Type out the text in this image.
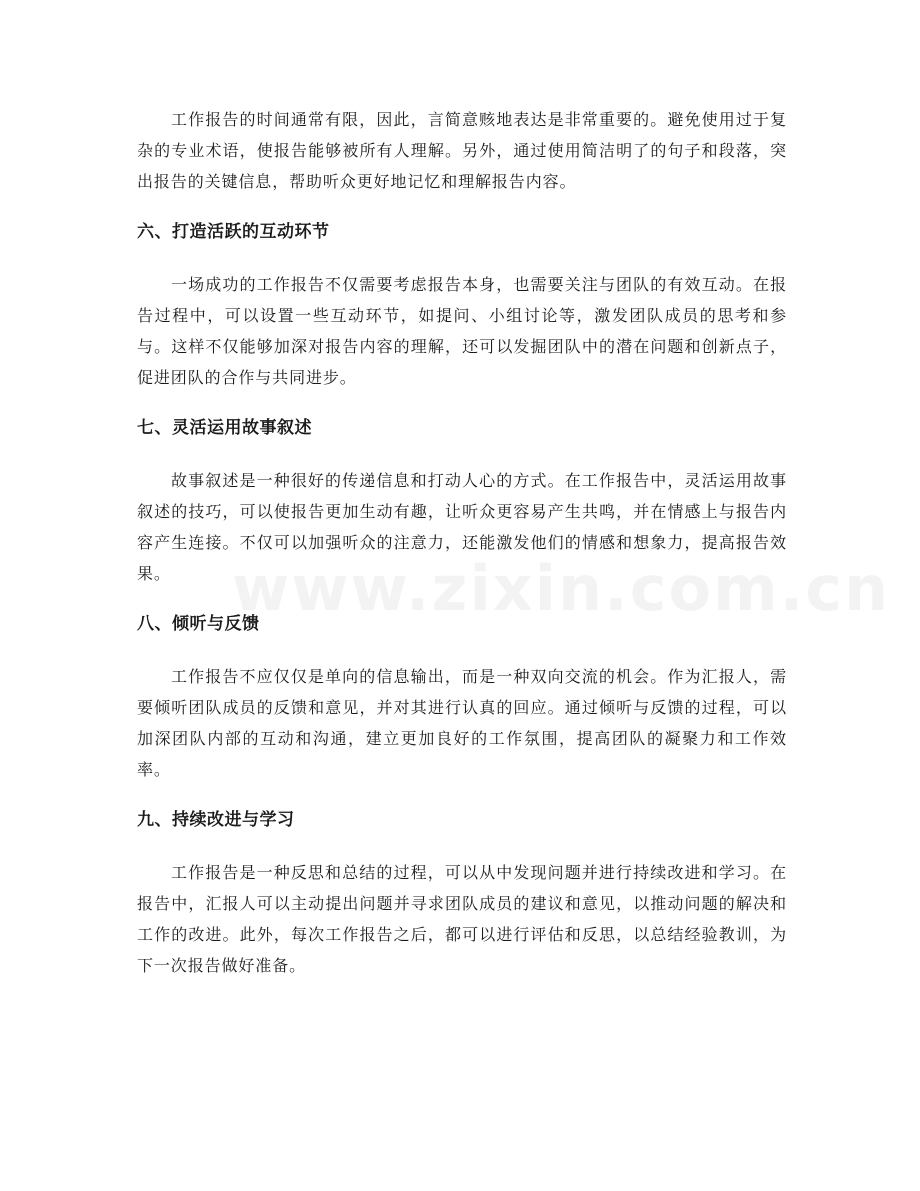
工作报告的时间通常有限，因此，言简意赅地表达是非常重要的。避免使用过于复杂的专业术语，使报告能够被所有人理解。另外，通过使用简洁明了的句子和段落，突出报告的关键信息，帮助听众更好地记忆和理解报告内容。

六、打造活跃的互动环节

一场成功的工作报告不仅需要考虑报告本身，也需要关注与团队的有效互动。在报告过程中，可以设置一些互动环节，如提问、小组讨论等，激发团队成员的思考和参与。这样不仅能够加深对报告内容的理解，还可以发掘团队中的潜在问题和创新点子，促进团队的合作与共同进步。

七、灵活运用故事叙述

故事叙述是一种很好的传递信息和打动人心的方式。在工作报告中，灵活运用故事叙述的技巧，可以使报告更加生动有趣，让听众更容易产生共鸣，并在情感上与报告内容产生连接。不仅可以加强听众的注意力，还能激发他们的情感和想象力，提高报告效果。

八、倾听与反馈

工作报告不应仅仅是单向的信息输出，而是一种双向交流的机会。作为汇报人，需要倾听团队成员的反馈和意见，并对其进行认真的回应。通过倾听与反馈的过程，可以加深团队内部的互动和沟通，建立更加良好的工作氛围，提高团队的凝聚力和工作效率。

九、持续改进与学习

工作报告是一种反思和总结的过程，可以从中发现问题并进行持续改进和学习。在报告中，汇报人可以主动提出问题并寻求团队成员的建议和意见，以推动问题的解决和工作的改进。此外，每次工作报告之后，都可以进行评估和反思，以总结经验教训，为下一次报告做好准备。
